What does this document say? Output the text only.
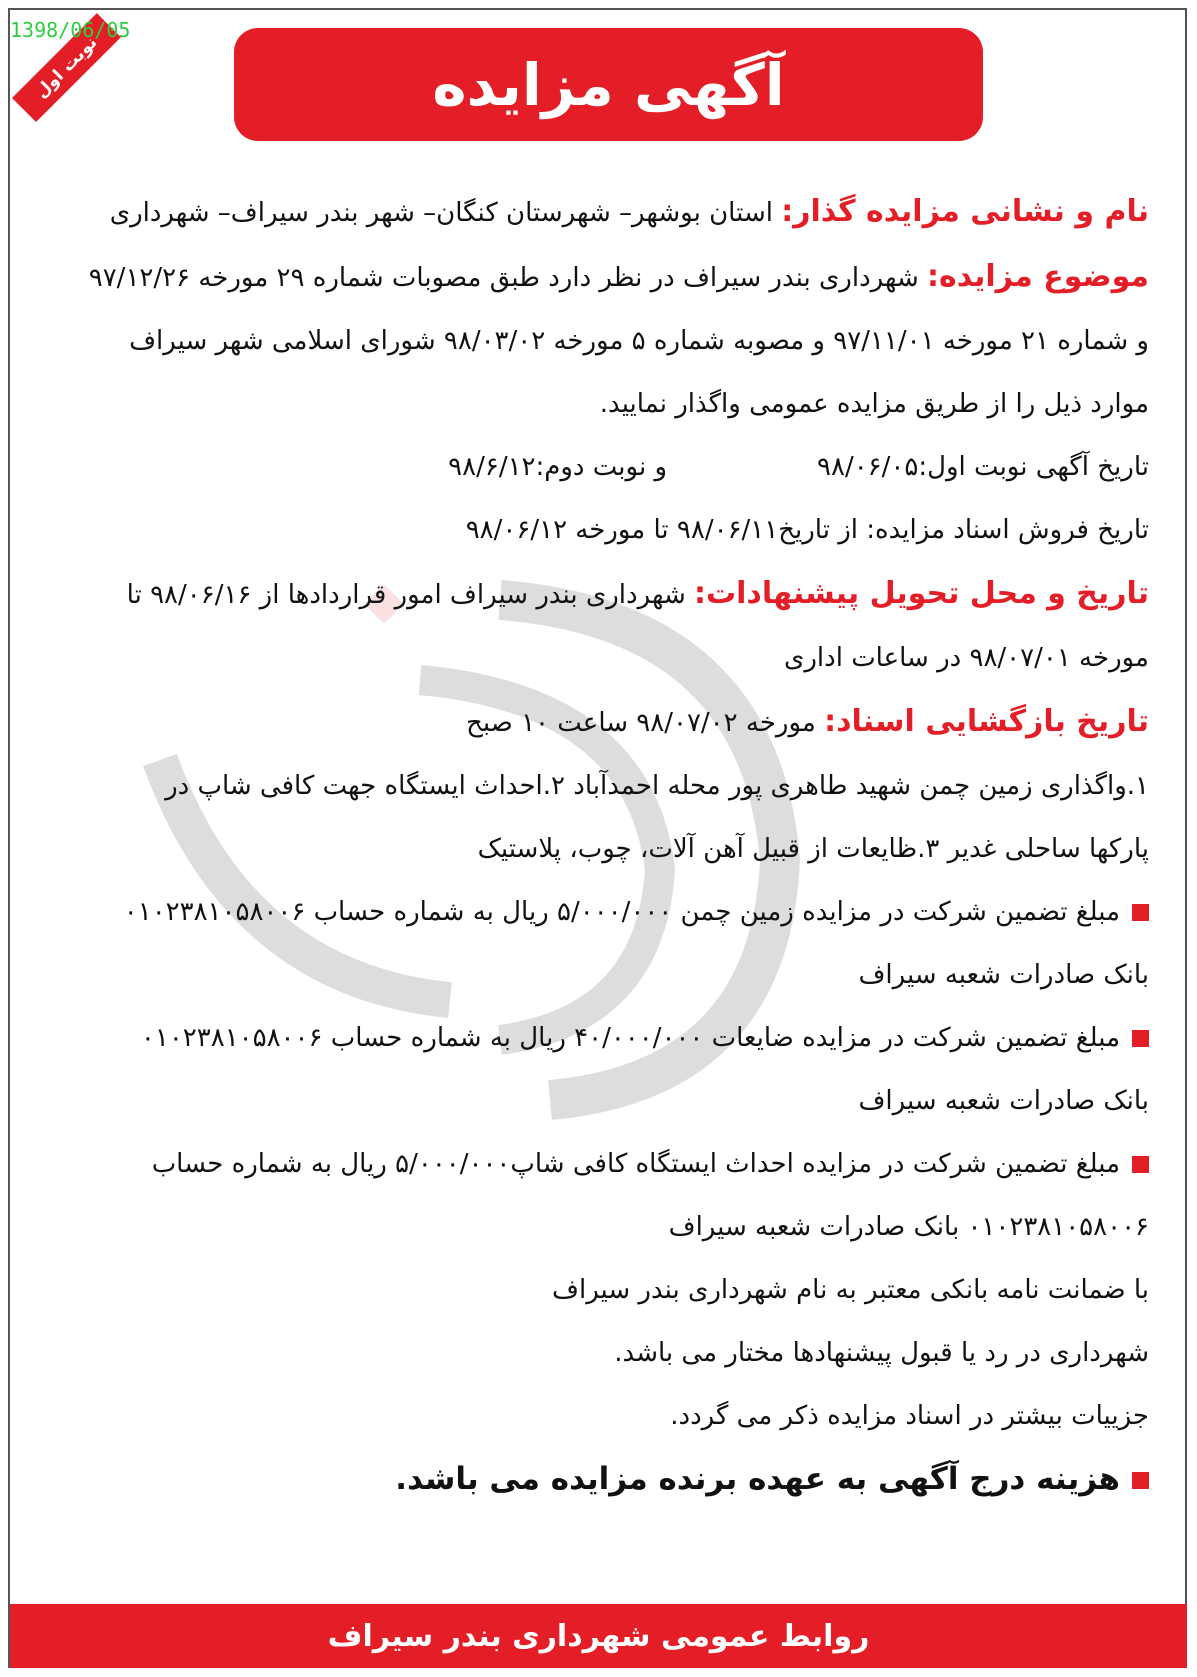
1398/06/05
نوبت اول	آگهی مزایده
نام و نشانی مزایده گذار: استان بوشهر– شهرستان کنگان– شهر بندر سیراف– شهرداری
موضوع مزایده: شهرداری بندر سیراف در نظر دارد طبق مصوبات شماره ۲۹ مورخه ۹۷/۱۲/۲۶
و شماره ۲۱ مورخه ۹۷/۱۱/۰۱ و مصوبه شماره ۵ مورخه ۹۸/۰۳/۰۲ شورای اسلامی شهر سیراف
موارد ذیل را از طریق مزایده عمومی واگذار نمایید.
تاریخ آگهی نوبت اول:۹۸/۰۶/۰۵و نوبت دوم:۹۸/۶/۱۲
تاریخ فروش اسناد مزایده: از تاریخ۹۸/۰۶/۱۱ تا مورخه ۹۸/۰۶/۱۲
تاریخ و محل تحویل پیشنهادات: شهرداری بندر سیراف امور قراردادها از ۹۸/۰۶/۱۶ تا
مورخه ۹۸/۰۷/۰۱ در ساعات اداری
تاریخ بازگشایی اسناد: مورخه ۹۸/۰۷/۰۲ ساعت ۱۰ صبح
۱.واگذاری زمین چمن شهید طاهری پور محله احمدآباد ۲.احداث ایستگاه جهت کافی شاپ در
پارکها ساحلی غدیر ۳.ظایعات از قبیل آهن آلات، چوب، پلاستیک
مبلغ تضمین شرکت در مزایده زمین چمن ۵/۰۰۰/۰۰۰ ریال به شماره حساب ۰۱۰۲۳۸۱۰۵۸۰۰۶
بانک صادرات شعبه سیراف
مبلغ تضمین شرکت در مزایده ضایعات ۴۰/۰۰۰/۰۰۰ ریال به شماره حساب ۰۱۰۲۳۸۱۰۵۸۰۰۶
بانک صادرات شعبه سیراف
مبلغ تضمین شرکت در مزایده احداث ایستگاه کافی شاپ۵/۰۰۰/۰۰۰ ریال به شماره حساب
۰۱۰۲۳۸۱۰۵۸۰۰۶ بانک صادرات شعبه سیراف
با ضمانت نامه بانکی معتبر به نام شهرداری بندر سیراف
شهرداری در رد یا قبول پیشنهادها مختار می باشد.
جزییات بیشتر در اسناد مزایده ذکر می گردد.
هزینه درج آگهی به عهده برنده مزایده می باشد.
روابط عمومی شهرداری بندر سیراف
